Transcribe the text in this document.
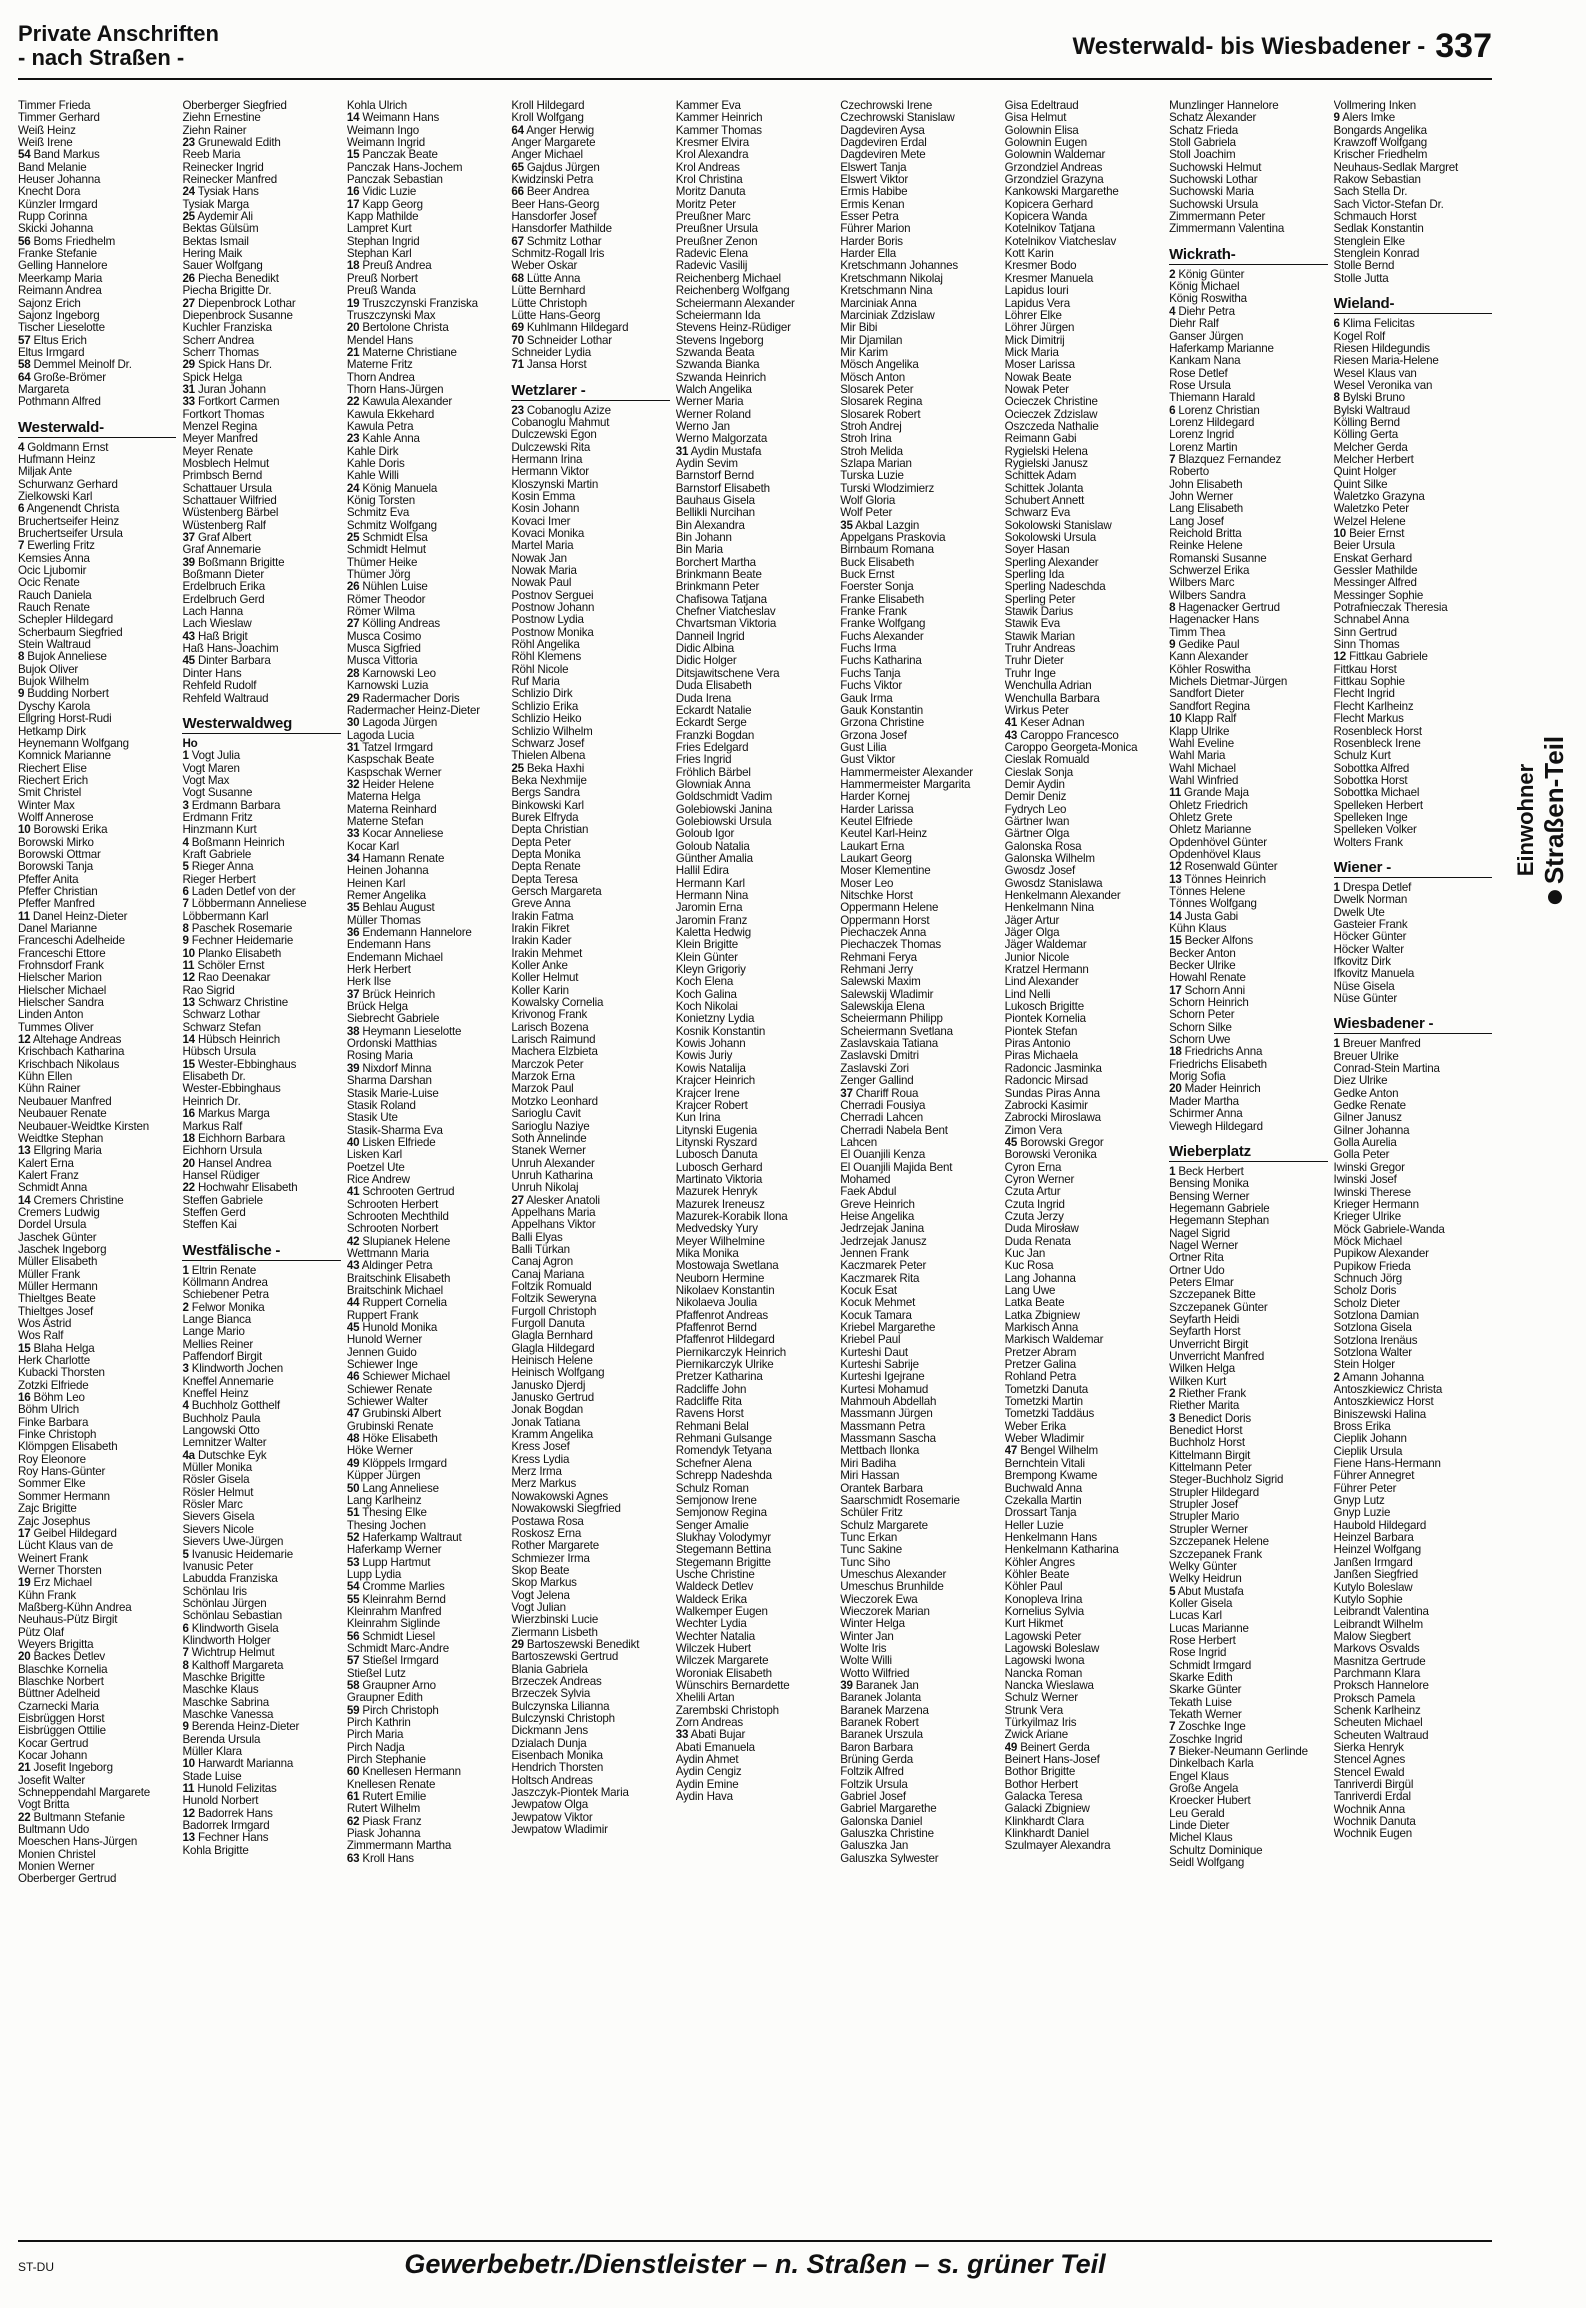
Private Anschriften
- nach Straßen -	Westerwald- bis Wiesbadener - 337
Timmer Frieda
Timmer Gerhard
Weiß Heinz
Weiß Irene
54 Band Markus
Band Melanie
Heuser Johanna
Knecht Dora
Künzler Irmgard
Rupp Corinna
Skicki Johanna
56 Boms Friedhelm
Franke Stefanie
Gelling Hannelore
Meerkamp Maria
Reimann Andrea
Sajonz Erich
Sajonz Ingeborg
Tischer Lieselotte
57 Eltus Erich
Eltus Irmgard
58 Demmel Meinolf Dr.
64 Große-Brömer
Margareta
Pothmann Alfred
Westerwald-
4 Goldmann Ernst
Hufmann Heinz
Miljak Ante
Schurwanz Gerhard
Zielkowski Karl
6 Angenendt Christa
Bruchertseifer Heinz
Bruchertseifer Ursula
7 Ewerling Fritz
Kemsies Anna
Ocic Ljubomir
Ocic Renate
Rauch Daniela
Rauch Renate
Schepler Hildegard
Scherbaum Siegfried
Stein Waltraud
8 Bujok Anneliese
Bujok Oliver
Bujok Wilhelm
9 Budding Norbert
Dyschy Karola
Ellgring Horst-Rudi
Hetkamp Dirk
Heynemann Wolfgang
Komnick Marianne
Riechert Elise
Riechert Erich
Smit Christel
Winter Max
Wolff Annerose
10 Borowski Erika
Borowski Mirko
Borowski Ottmar
Borowski Tanja
Pfeffer Anita
Pfeffer Christian
Pfeffer Manfred
11 Danel Heinz-Dieter
Danel Marianne
Franceschi Adelheide
Franceschi Ettore
Frohnsdorf Frank
Hielscher Marion
Hielscher Michael
Hielscher Sandra
Linden Anton
Tummes Oliver
12 Altehage Andreas
Krischbach Katharina
Krischbach Nikolaus
Kühn Ellen
Kühn Rainer
Neubauer Manfred
Neubauer Renate
Neubauer-Weidtke Kirsten
Weidtke Stephan
13 Ellgring Maria
Kalert Erna
Kalert Franz
Schmidt Anna
14 Cremers Christine
Cremers Ludwig
Dordel Ursula
Jaschek Günter
Jaschek Ingeborg
Müller Elisabeth
Müller Frank
Müller Hermann
Thieltges Beate
Thieltges Josef
Wos Astrid
Wos Ralf
15 Blaha Helga
Herk Charlotte
Kubacki Thorsten
Zotzki Elfriede
16 Böhm Leo
Böhm Ulrich
Finke Barbara
Finke Christoph
Klömpgen Elisabeth
Roy Eleonore
Roy Hans-Günter
Sommer Elke
Sommer Hermann
Zajc Brigitte
Zajc Josephus
17 Geibel Hildegard
Lücht Klaus van de
Weinert Frank
Werner Thorsten
19 Erz Michael
Kühn Frank
Maßberg-Kühn Andrea
Neuhaus-Pütz Birgit
Pütz Olaf
Weyers Brigitta
20 Backes Detlev
Blaschke Kornelia
Blaschke Norbert
Büttner Adelheid
Czarnecki Maria
Eisbrüggen Horst
Eisbrüggen Ottilie
Kocar Gertrud
Kocar Johann
21 Josefit Ingeborg
Josefit Walter
Schneppendahl Margarete
Vogt Britta
22 Bultmann Stefanie
Bultmann Udo
Moeschen Hans-Jürgen
Monien Christel
Monien Werner
Oberberger Gertrud
Oberberger Siegfried
Ziehn Ernestine
Ziehn Rainer
23 Grunewald Edith
Reeb Maria
Reinecker Ingrid
Reinecker Manfred
24 Tysiak Hans
Tysiak Marga
25 Aydemir Ali
Bektas Gülsüm
Bektas Ismail
Hering Maik
Sauer Wolfgang
26 Piecha Benedikt
Piecha Brigitte Dr.
27 Diepenbrock Lothar
Diepenbrock Susanne
Kuchler Franziska
Scherr Andrea
Scherr Thomas
29 Spick Hans Dr.
Spick Helga
31 Juran Johann
33 Fortkort Carmen
Fortkort Thomas
Menzel Regina
Meyer Manfred
Meyer Renate
Mosblech Helmut
Primbsch Bernd
Schattauer Ursula
Schattauer Wilfried
Wüstenberg Bärbel
Wüstenberg Ralf
37 Graf Albert
Graf Annemarie
39 Boßmann Brigitte
Boßmann Dieter
Erdelbruch Erika
Erdelbruch Gerd
Lach Hanna
Lach Wieslaw
43 Haß Brigit
Haß Hans-Joachim
45 Dinter Barbara
Dinter Hans
Rehfeld Rudolf
Rehfeld Waltraud
Westerwaldweg
Ho
1 Vogt Julia
Vogt Maren
Vogt Max
Vogt Susanne
3 Erdmann Barbara
Erdmann Fritz
Hinzmann Kurt
4 Boßmann Heinrich
Kraft Gabriele
5 Rieger Anna
Rieger Herbert
6 Laden Detlef von der
7 Löbbermann Anneliese
Löbbermann Karl
8 Paschek Rosemarie
9 Fechner Heidemarie
10 Planko Elisabeth
11 Schöler Ernst
12 Rao Deenakar
Rao Sigrid
13 Schwarz Christine
Schwarz Lothar
Schwarz Stefan
14 Hübsch Heinrich
Hübsch Ursula
15 Wester-Ebbinghaus
Elisabeth Dr.
Wester-Ebbinghaus
Heinrich Dr.
16 Markus Marga
Markus Ralf
18 Eichhorn Barbara
Eichhorn Ursula
20 Hansel Andrea
Hansel Rüdiger
22 Hochwahr Elisabeth
Steffen Gabriele
Steffen Gerd
Steffen Kai
Westfälische -
1 Eltrin Renate
Köllmann Andrea
Schiebener Petra
2 Felwor Monika
Lange Bianca
Lange Mario
Mellies Reiner
Paffendorf Birgit
3 Klindworth Jochen
Kneffel Annemarie
Kneffel Heinz
4 Buchholz Gotthelf
Buchholz Paula
Langowski Otto
Lemnitzer Walter
4a Dutschke Eyk
Müller Monika
Rösler Gisela
Rösler Helmut
Rösler Marc
Sievers Gisela
Sievers Nicole
Sievers Uwe-Jürgen
5 Ivanusic Heidemarie
Ivanusic Peter
Labudda Franziska
Schönlau Iris
Schönlau Jürgen
Schönlau Sebastian
6 Klindworth Gisela
Klindworth Holger
7 Wichtrup Helmut
8 Kalthoff Margareta
Maschke Brigitte
Maschke Klaus
Maschke Sabrina
Maschke Vanessa
9 Berenda Heinz-Dieter
Berenda Ursula
Müller Klara
10 Harwardt Marianna
Stade Luise
11 Hunold Felizitas
Hunold Norbert
12 Badorrek Hans
Badorrek Irmgard
13 Fechner Hans
Kohla Brigitte
Kohla Ulrich
14 Weimann Hans
Weimann Ingo
Weimann Ingrid
15 Panczak Beate
Panczak Hans-Jochem
Panczak Sebastian
16 Vidic Luzie
17 Kapp Georg
Kapp Mathilde
Lampret Kurt
Stephan Ingrid
Stephan Karl
18 Preuß Andrea
Preuß Norbert
Preuß Wanda
19 Truszczynski Franziska
Truszczynski Max
20 Bertolone Christa
Mendel Hans
21 Materne Christiane
Materne Fritz
Thorn Andrea
Thorn Hans-Jürgen
22 Kawula Alexander
Kawula Ekkehard
Kawula Petra
23 Kahle Anna
Kahle Dirk
Kahle Doris
Kahle Willi
24 König Manuela
König Torsten
Schmitz Eva
Schmitz Wolfgang
25 Schmidt Elsa
Schmidt Helmut
Thümer Heike
Thümer Jörg
26 Nühlen Luise
Römer Theodor
Römer Wilma
27 Kölling Andreas
Musca Cosimo
Musca Sigfried
Musca Vittoria
28 Karnowski Leo
Karnowski Luzia
29 Radermacher Doris
Radermacher Heinz-Dieter
30 Lagoda Jürgen
Lagoda Lucia
31 Tatzel Irmgard
Kaspschak Beate
Kaspschak Werner
32 Heider Helene
Materna Helga
Materna Reinhard
Materne Stefan
33 Kocar Anneliese
Kocar Karl
34 Hamann Renate
Heinen Johanna
Heinen Karl
Remer Angelika
35 Behlau August
Müller Thomas
36 Endemann Hannelore
Endemann Hans
Endemann Michael
Herk Herbert
Herk Ilse
37 Brück Heinrich
Brück Helga
Siebrecht Gabriele
38 Heymann Lieselotte
Ordonski Matthias
Rosing Maria
39 Nixdorf Minna
Sharma Darshan
Stasik Marie-Luise
Stasik Roland
Stasik Ute
Stasik-Sharma Eva
40 Lisken Elfriede
Lisken Karl
Poetzel Ute
Rice Andrew
41 Schrooten Gertrud
Schrooten Herbert
Schrooten Mechthild
Schrooten Norbert
42 Slupianek Helene
Wettmann Maria
43 Aldinger Petra
Braitschink Elisabeth
Braitschink Michael
44 Ruppert Cornelia
Ruppert Frank
45 Hunold Monika
Hunold Werner
Jennen Guido
Schiewer Inge
46 Schiewer Michael
Schiewer Renate
Schiewer Walter
47 Grubinski Albert
Grubinski Renate
48 Höke Elisabeth
Höke Werner
49 Klöppels Irmgard
Küpper Jürgen
50 Lang Anneliese
Lang Karlheinz
51 Thesing Elke
Thesing Jochen
52 Haferkamp Waltraut
Haferkamp Werner
53 Lupp Hartmut
Lupp Lydia
54 Cromme Marlies
55 Kleinrahm Bernd
Kleinrahm Manfred
Kleinrahm Siglinde
56 Schmidt Liesel
Schmidt Marc-Andre
57 Stießel Irmgard
Stießel Lutz
58 Graupner Arno
Graupner Edith
59 Pirch Christoph
Pirch Kathrin
Pirch Maria
Pirch Nadja
Pirch Stephanie
60 Knellesen Hermann
Knellesen Renate
61 Rutert Emilie
Rutert Wilhelm
62 Piask Franz
Piask Johanna
Zimmermann Martha
63 Kroll Hans
Kroll Hildegard
Kroll Wolfgang
64 Anger Herwig
Anger Margarete
Anger Michael
65 Gajdus Jürgen
Kwidzinski Petra
66 Beer Andrea
Beer Hans-Georg
Hansdorfer Josef
Hansdorfer Mathilde
67 Schmitz Lothar
Schmitz-Rogall Iris
Weber Oskar
68 Lütte Anna
Lütte Bernhard
Lütte Christoph
Lütte Hans-Georg
69 Kuhlmann Hildegard
70 Schneider Lothar
Schneider Lydia
71 Jansa Horst
Wetzlarer -
23 Cobanoglu Azize
Cobanoglu Mahmut
Dulczewski Egon
Dulczewski Rita
Hermann Irina
Hermann Viktor
Kloszynski Martin
Kosin Emma
Kosin Johann
Kovaci Imer
Kovaci Monika
Martel Maria
Nowak Jan
Nowak Maria
Nowak Paul
Postnov Serguei
Postnow Johann
Postnow Lydia
Postnow Monika
Röhl Angelika
Röhl Klemens
Röhl Nicole
Ruf Maria
Schlizio Dirk
Schlizio Erika
Schlizio Heiko
Schlizio Wilhelm
Schwarz Josef
Thielen Albena
25 Beka Haxhi
Beka Nexhmije
Bergs Sandra
Binkowski Karl
Burek Elfryda
Depta Christian
Depta Peter
Depta Monika
Depta Renate
Depta Teresa
Gersch Margareta
Greve Anna
Irakin Fatma
Irakin Fikret
Irakin Kader
Irakin Mehmet
Koller Anke
Koller Helmut
Koller Karin
Kowalsky Cornelia
Krivonog Frank
Larisch Bozena
Larisch Raimund
Machera Elzbieta
Marczok Peter
Marzok Erna
Marzok Paul
Motzko Leonhard
Sarioglu Cavit
Sarioglu Naziye
Soth Annelinde
Stanek Werner
Unruh Alexander
Unruh Katharina
Unruh Nikolaj
27 Alesker Anatoli
Appelhans Maria
Appelhans Viktor
Balli Elyas
Balli Türkan
Canaj Agron
Canaj Mariana
Foltzik Romuald
Foltzik Seweryna
Furgoll Christoph
Furgoll Danuta
Glagla Bernhard
Glagla Hildegard
Heinisch Helene
Heinisch Wolfgang
Janusko Djerdj
Janusko Gertrud
Jonak Bogdan
Jonak Tatiana
Kramm Angelika
Kress Josef
Kress Lydia
Merz Irma
Merz Markus
Nowakowski Agnes
Nowakowski Siegfried
Postawa Rosa
Roskosz Erna
Rother Margarete
Schmiezer Irma
Skop Beate
Skop Markus
Vogt Jelena
Vogt Julian
Wierzbinski Lucie
Ziermann Lisbeth
29 Bartoszewski Benedikt
Bartoszewski Gertrud
Blania Gabriela
Brzeczek Andreas
Brzeczek Sylvia
Bulczynska Lilianna
Bulczynski Christoph
Dickmann Jens
Dzialach Dunja
Eisenbach Monika
Hendrich Thorsten
Holtsch Andreas
Jaszczyk-Piontek Maria
Jewpatow Olga
Jewpatow Viktor
Jewpatow Wladimir
Kammer Eva
Kammer Heinrich
Kammer Thomas
Kresmer Elvira
Krol Alexandra
Krol Andreas
Krol Christina
Moritz Danuta
Moritz Peter
Preußner Marc
Preußner Ursula
Preußner Zenon
Radevic Elena
Radevic Vasilij
Reichenberg Michael
Reichenberg Wolfgang
Scheiermann Alexander
Scheiermann Ida
Stevens Heinz-Rüdiger
Stevens Ingeborg
Szwanda Beata
Szwanda Bianka
Szwanda Heinrich
Walch Angelika
Werner Maria
Werner Roland
Werno Jan
Werno Malgorzata
31 Aydin Mustafa
Aydin Sevim
Barnstorf Bernd
Barnstorf Elisabeth
Bauhaus Gisela
Bellikli Nurcihan
Bin Alexandra
Bin Johann
Bin Maria
Borchert Martha
Brinkmann Beate
Brinkmann Peter
Chafisowa Tatjana
Chefner Viatcheslav
Chvartsman Viktoria
Danneil Ingrid
Didic Albina
Didic Holger
Ditsjawitschene Vera
Duda Elisabeth
Duda Irena
Eckardt Natalie
Eckardt Serge
Franzki Bogdan
Fries Edelgard
Fries Ingrid
Fröhlich Bärbel
Glowniak Anna
Goldschmidt Vadim
Golebiowski Janina
Golebiowski Ursula
Goloub Igor
Goloub Natalia
Günther Amalia
Hallil Edira
Hermann Karl
Hermann Nina
Jaromin Erna
Jaromin Franz
Kaletta Hedwig
Klein Brigitte
Klein Günter
Kleyn Grigoriy
Koch Elena
Koch Galina
Koch Nikolai
Konietzny Lydia
Kosnik Konstantin
Kowis Johann
Kowis Juriy
Kowis Natalija
Krajcer Heinrich
Krajcer Irene
Krajcer Robert
Kun Irina
Litynski Eugenia
Litynski Ryszard
Lubosch Danuta
Lubosch Gerhard
Martinato Viktoria
Mazurek Henryk
Mazurek Ireneusz
Mazurek-Korabik Ilona
Medvedsky Yury
Meyer Wilhelmine
Mika Monika
Mostowaja Swetlana
Neuborn Hermine
Nikolaev Konstantin
Nikolaeva Joulia
Pfaffenrot Andreas
Pfaffenrot Bernd
Pfaffenrot Hildegard
Piernikarczyk Heinrich
Piernikarczyk Ulrike
Pretzer Katharina
Radcliffe John
Radcliffe Rita
Ravens Horst
Rehmani Belal
Rehmani Gulsange
Romendyk Tetyana
Schefner Alena
Schrepp Nadeshda
Schulz Roman
Semjonow Irene
Semjonow Regina
Senger Amalie
Slukhay Volodymyr
Stegemann Bettina
Stegemann Brigitte
Usche Christine
Waldeck Detlev
Waldeck Erika
Walkemper Eugen
Wechter Lydia
Wechter Natalia
Wilczek Hubert
Wilczek Margarete
Woroniak Elisabeth
Wünschirs Bernardette
Xhelili Artan
Zarembski Christoph
Zorn Andreas
33 Abati Bujar
Abati Emanuela
Aydin Ahmet
Aydin Cengiz
Aydin Emine
Aydin Hava
Czechrowski Irene
Czechrowski Stanislaw
Dagdeviren Aysa
Dagdeviren Erdal
Dagdeviren Mete
Elswert Tanja
Elswert Viktor
Ermis Habibe
Ermis Kenan
Esser Petra
Führer Marion
Harder Boris
Harder Ella
Kretschmann Johannes
Kretschmann Nikolaj
Kretschmann Nina
Marciniak Anna
Marciniak Zdzislaw
Mir Bibi
Mir Djamilan
Mir Karim
Mösch Angelika
Mösch Anton
Slosarek Peter
Slosarek Regina
Slosarek Robert
Stroh Andrej
Stroh Irina
Stroh Melida
Szlapa Marian
Turska Luzie
Turski Wlodzimierz
Wolf Gloria
Wolf Peter
35 Akbal Lazgin
Appelgans Praskovia
Birnbaum Romana
Buck Elisabeth
Buck Ernst
Foerster Sonja
Franke Elisabeth
Franke Frank
Franke Wolfgang
Fuchs Alexander
Fuchs Irma
Fuchs Katharina
Fuchs Tanja
Fuchs Viktor
Gauk Irma
Gauk Konstantin
Grzona Christine
Grzona Josef
Gust Lilia
Gust Viktor
Hammermeister Alexander
Hammermeister Margarita
Harder Kornej
Harder Larissa
Keutel Elfriede
Keutel Karl-Heinz
Laukart Erna
Laukart Georg
Moser Klementine
Moser Leo
Nitschke Horst
Oppermann Helene
Oppermann Horst
Piechaczek Anna
Piechaczek Thomas
Rehmani Ferya
Rehmani Jerry
Salewski Maxim
Salewskij Wladimir
Salewskija Elena
Scheiermann Philipp
Scheiermann Svetlana
Zaslavskaia Tatiana
Zaslavski Dmitri
Zaslavski Zori
Zenger Gallind
37 Chariff Roua
Cherradi Fousiya
Cherradi Lahcen
Cherradi Nabela Bent
Lahcen
El Ouanjili Kenza
El Ouanjili Majida Bent
Mohamed
Faek Abdul
Greve Heinrich
Heise Angelika
Jedrzejak Janina
Jedrzejak Janusz
Jennen Frank
Kaczmarek Peter
Kaczmarek Rita
Kocuk Esat
Kocuk Mehmet
Kocuk Tamara
Kriebel Margarethe
Kriebel Paul
Kurteshi Daut
Kurteshi Sabrije
Kurteshi Igejrane
Kurtesi Mohamud
Mahmouh Abdellah
Massmann Jürgen
Massmann Petra
Massmann Sascha
Mettbach Ilonka
Miri Badiha
Miri Hassan
Orantek Barbara
Saarschmidt Rosemarie
Schüler Fritz
Schulz Margarete
Tunc Erkan
Tunc Sakine
Tunc Siho
Umeschus Alexander
Umeschus Brunhilde
Wieczorek Ewa
Wieczorek Marian
Winter Helga
Winter Jan
Wolte Iris
Wolte Willi
Wotto Wilfried
39 Baranek Jan
Baranek Jolanta
Baranek Marzena
Baranek Robert
Baranek Urszula
Baron Barbara
Brüning Gerda
Foltzik Alfred
Foltzik Ursula
Gabriel Josef
Gabriel Margarethe
Galonska Daniel
Galuszka Christine
Galuszka Jan
Galuszka Sylwester
Gisa Edeltraud
Gisa Helmut
Golownin Elisa
Golownin Eugen
Golownin Waldemar
Grzondziel Andreas
Grzondziel Grazyna
Kankowski Margarethe
Kopicera Gerhard
Kopicera Wanda
Kotelnikov Tatjana
Kotelnikov Viatcheslav
Kott Karin
Kresmer Bodo
Kresmer Manuela
Lapidus Iouri
Lapidus Vera
Löhrer Elke
Löhrer Jürgen
Mick Dimitrij
Mick Maria
Moser Larissa
Nowak Beate
Nowak Peter
Ocieczek Christine
Ocieczek Zdzislaw
Oszczeda Nathalie
Reimann Gabi
Rygielski Helena
Rygielski Janusz
Schittek Adam
Schittek Jolanta
Schubert Annett
Schwarz Eva
Sokolowski Stanislaw
Sokolowski Ursula
Soyer Hasan
Sperling Alexander
Sperling Ida
Sperling Nadeschda
Sperling Peter
Stawik Darius
Stawik Eva
Stawik Marian
Truhr Andreas
Truhr Dieter
Truhr Inge
Wenchulla Adrian
Wenchulla Barbara
Wirkus Peter
41 Keser Adnan
43 Caroppo Francesco
Caroppo Georgeta-Monica
Cieslak Romuald
Cieslak Sonja
Demir Aydin
Demir Deniz
Fydrych Leo
Gärtner Iwan
Gärtner Olga
Galonska Rosa
Galonska Wilhelm
Gwosdz Josef
Gwosdz Stanislawa
Henkelmann Alexander
Henkelmann Nina
Jäger Artur
Jäger Olga
Jäger Waldemar
Junior Nicole
Kratzel Hermann
Lind Alexander
Lind Nelli
Lukosch Brigitte
Piontek Kornelia
Piontek Stefan
Piras Antonio
Piras Michaela
Radoncic Jasminka
Radoncic Mirsad
Sundas Piras Anna
Zabrocki Kasimir
Zabrocki Miroslawa
Zimon Vera
45 Borowski Gregor
Borowski Veronika
Cyron Erna
Cyron Werner
Czuta Artur
Czuta Ingrid
Czuta Jerzy
Duda Mirosław
Duda Renata
Kuc Jan
Kuc Rosa
Lang Johanna
Lang Uwe
Latka Beate
Latka Zbigniew
Markisch Anna
Markisch Waldemar
Pretzer Abram
Pretzer Galina
Rohland Petra
Tometzki Danuta
Tometzki Martin
Tometzki Taddäus
Weber Erika
Weber Wladimir
47 Bengel Wilhelm
Bernchtein Vitali
Brempong Kwame
Buchwald Anna
Czekalla Martin
Drossart Tanja
Heller Luzie
Henkelmann Hans
Henkelmann Katharina
Köhler Angres
Köhler Beate
Köhler Paul
Konopleva Irina
Kornelius Sylvia
Kurt Hikmet
Lagowski Peter
Lagowski Boleslaw
Lagowski Iwona
Nancka Roman
Nancka Wieslawa
Schulz Werner
Strunk Vera
Türkyilmaz Iris
Zwick Ariane
49 Beinert Gerda
Beinert Hans-Josef
Bothor Brigitte
Bothor Herbert
Galacka Teresa
Galacki Zbigniew
Klinkhardt Clara
Klinkhardt Daniel
Szulmayer Alexandra
Munzlinger Hannelore
Schatz Alexander
Schatz Frieda
Stoll Gabriela
Stoll Joachim
Suchowski Helmut
Suchowski Lothar
Suchowski Maria
Suchowski Ursula
Zimmermann Peter
Zimmermann Valentina
Wickrath-
2 König Günter
König Michael
König Roswitha
4 Diehr Petra
Diehr Ralf
Ganser Jürgen
Haferkamp Marianne
Kankam Nana
Rose Detlef
Rose Ursula
Thiemann Harald
6 Lorenz Christian
Lorenz Hildegard
Lorenz Ingrid
Lorenz Martin
7 Blazquez Fernandez
Roberto
John Elisabeth
John Werner
Lang Elisabeth
Lang Josef
Reichold Britta
Reinke Helene
Romanski Susanne
Schwerzel Erika
Wilbers Marc
Wilbers Sandra
8 Hagenacker Gertrud
Hagenacker Hans
Timm Thea
9 Gedike Paul
Kann Alexander
Köhler Roswitha
Michels Dietmar-Jürgen
Sandfort Dieter
Sandfort Regina
10 Klapp Ralf
Klapp Ulrike
Wahl Eveline
Wahl Maria
Wahl Michael
Wahl Winfried
11 Grande Maja
Ohletz Friedrich
Ohletz Grete
Ohletz Marianne
Opdenhövel Günter
Opdenhövel Klaus
12 Rosenwald Günter
13 Tönnes Heinrich
Tönnes Helene
Tönnes Wolfgang
14 Justa Gabi
Kühn Klaus
15 Becker Alfons
Becker Anton
Becker Ulrike
Howahl Renate
17 Schorn Anni
Schorn Heinrich
Schorn Peter
Schorn Silke
Schorn Uwe
18 Friedrichs Anna
Friedrichs Elisabeth
Morig Sofia
20 Mader Heinrich
Mader Martha
Schirmer Anna
Viewegh Hildegard
Wieberplatz
1 Beck Herbert
Bensing Monika
Bensing Werner
Hegemann Gabriele
Hegemann Stephan
Nagel Sigrid
Nagel Werner
Ortner Rita
Ortner Udo
Peters Elmar
Szczepanek Bitte
Szczepanek Günter
Seyfarth Heidi
Seyfarth Horst
Unverricht Birgit
Unverricht Manfred
Wilken Helga
Wilken Kurt
2 Riether Frank
Riether Marita
3 Benedict Doris
Benedict Horst
Buchholz Horst
Kittelmann Birgit
Kittelmann Peter
Steger-Buchholz Sigrid
Strupler Hildegard
Strupler Josef
Strupler Mario
Strupler Werner
Szczepanek Helene
Szczepanek Frank
Welky Günter
Welky Heidrun
5 Abut Mustafa
Koller Gisela
Lucas Karl
Lucas Marianne
Rose Herbert
Rose Ingrid
Schmidt Irmgard
Skarke Edith
Skarke Günter
Tekath Luise
Tekath Werner
7 Zoschke Inge
Zoschke Ingrid
7 Bieker-Neumann Gerlinde
Dinkelbach Karla
Engel Klaus
Große Angela
Kroecker Hubert
Leu Gerald
Linde Dieter
Michel Klaus
Schultz Dominique
Seidl Wolfgang
Vollmering Inken
9 Alers Imke
Bongards Angelika
Krawzoff Wolfgang
Krischer Friedhelm
Neuhaus-Sedlak Margret
Rakow Sebastian
Sach Stella Dr.
Sach Victor-Stefan Dr.
Schmauch Horst
Sedlak Konstantin
Stenglein Elke
Stenglein Konrad
Stolle Bernd
Stolle Jutta
Wieland-
6 Klima Felicitas
Kogel Rolf
Riesen Hildegundis
Riesen Maria-Helene
Wesel Klaus van
Wesel Veronika van
8 Bylski Bruno
Bylski Waltraud
Kölling Bernd
Kölling Gerta
Melcher Gerda
Melcher Herbert
Quint Holger
Quint Silke
Waletzko Grazyna
Waletzko Peter
Welzel Helene
10 Beier Ernst
Beier Ursula
Enskat Gerhard
Gessler Mathilde
Messinger Alfred
Messinger Sophie
Potrafnieczak Theresia
Schnabel Anna
Sinn Gertrud
Sinn Thomas
12 Fittkau Gabriele
Fittkau Horst
Fittkau Sophie
Flecht Ingrid
Flecht Karlheinz
Flecht Markus
Rosenbleck Horst
Rosenbleck Irene
Schulz Kurt
Sobottka Alfred
Sobottka Horst
Sobottka Michael
Spelleken Herbert
Spelleken Inge
Spelleken Volker
Wolters Frank
Wiener -
1 Drespa Detlef
Dwelk Norman
Dwelk Ute
Gasteier Frank
Höcker Günter
Höcker Walter
Ifkovitz Dirk
Ifkovitz Manuela
Nüse Gisela
Nüse Günter
Wiesbadener -
1 Breuer Manfred
Breuer Ulrike
Conrad-Stein Martina
Diez Ulrike
Gedke Anton
Gedke Renate
Gilner Janusz
Gilner Johanna
Golla Aurelia
Golla Peter
Iwinski Gregor
Iwinski Josef
Iwinski Therese
Krieger Hermann
Krieger Ulrike
Möck Gabriele-Wanda
Möck Michael
Pupikow Alexander
Pupikow Frieda
Schnuch Jörg
Scholz Doris
Scholz Dieter
Sotzlona Damian
Sotzlona Gisela
Sotzlona Irenäus
Sotzlona Walter
Stein Holger
2 Amann Johanna
Antoszkiewicz Christa
Antoszkiewicz Horst
Biniszewski Halina
Bross Erika
Cieplik Johann
Cieplik Ursula
Fiene Hans-Hermann
Führer Annegret
Führer Peter
Gnyp Lutz
Gnyp Luzie
Haubold Hildegard
Heinzel Barbara
Heinzel Wolfgang
Janßen Irmgard
Janßen Siegfried
Kutylo Boleslaw
Kutylo Sophie
Leibrandt Valentina
Leibrandt Wilhelm
Malow Siegbert
Markovs Osvalds
Masnitza Gertrude
Parchmann Klara
Proksch Hannelore
Proksch Pamela
Schenk Karlheinz
Scheuten Michael
Scheuten Waltraud
Sierka Henryk
Stencel Agnes
Stencel Ewald
Tanriverdi Birgül
Tanriverdi Erdal
Wochnik Anna
Wochnik Danuta
Wochnik Eugen
Einwohner Straßen-Teil
ST-DU	Gewerbebetr./Dienstleister – n. Straßen – s. grüner Teil
